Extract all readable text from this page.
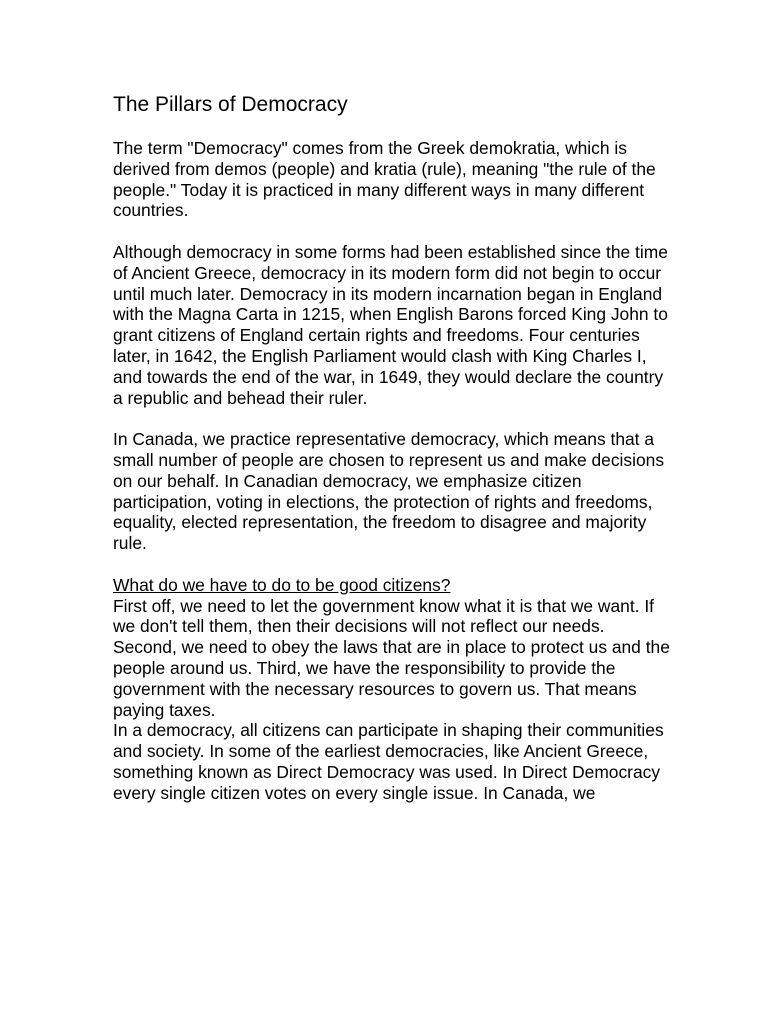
The Pillars of Democracy

The term "Democracy" comes from the Greek demokratia, which is derived from demos (people) and kratia (rule), meaning "the rule of the people." Today it is practiced in many different ways in many different countries.

Although democracy in some forms had been established since the time of Ancient Greece, democracy in its modern form did not begin to occur until much later. Democracy in its modern incarnation began in England with the Magna Carta in 1215, when English Barons forced King John to grant citizens of England certain rights and freedoms. Four centuries later, in 1642, the English Parliament would clash with King Charles I, and towards the end of the war, in 1649, they would declare the country a republic and behead their ruler.

In Canada, we practice representative democracy, which means that a small number of people are chosen to represent us and make decisions on our behalf. In Canadian democracy, we emphasize citizen participation, voting in elections, the protection of rights and freedoms, equality, elected representation, the freedom to disagree and majority rule.

What do we have to do to be good citizens?

First off, we need to let the government know what it is that we want. If we don't tell them, then their decisions will not reflect our needs. Second, we need to obey the laws that are in place to protect us and the people around us. Third, we have the responsibility to provide the government with the necessary resources to govern us. That means paying taxes.

In a democracy, all citizens can participate in shaping their communities and society. In some of the earliest democracies, like Ancient Greece, something known as Direct Democracy was used. In Direct Democracy every single citizen votes on every single issue. In Canada, we
